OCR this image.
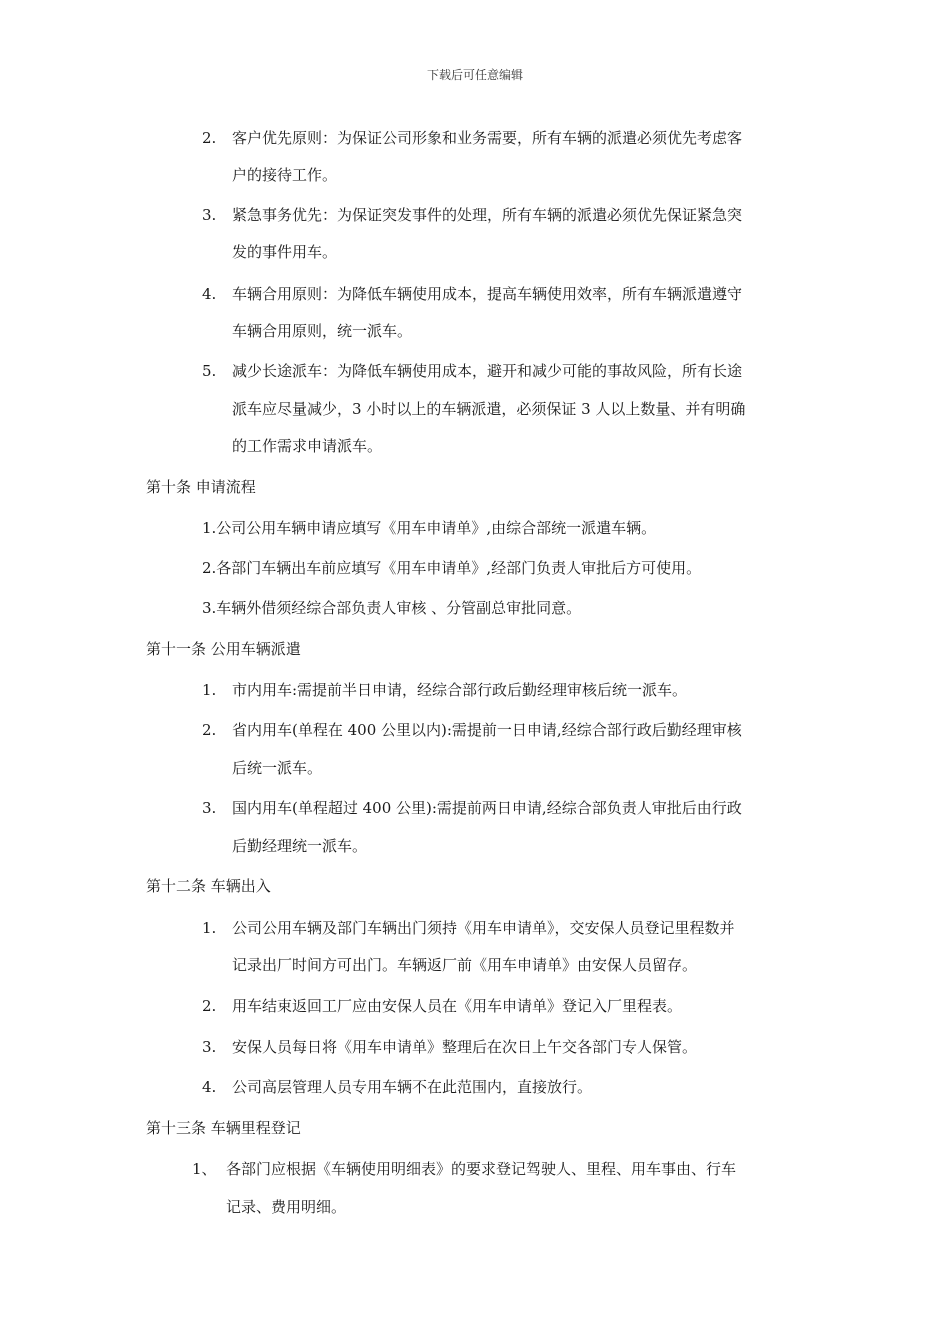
下载后可任意编辑
2. 客户优先原则：为保证公司形象和业务需要，所有车辆的派遣必须优先考虑客
户的接待工作。
3. 紧急事务优先：为保证突发事件的处理，所有车辆的派遣必须优先保证紧急突
发的事件用车。
4. 车辆合用原则：为降低车辆使用成本，提高车辆使用效率，所有车辆派遣遵守
车辆合用原则，统一派车。
5. 减少长途派车：为降低车辆使用成本，避开和减少可能的事故风险，所有长途
派车应尽量减少，3 小时以上的车辆派遣，必须保证 3 人以上数量、并有明确
的工作需求申请派车。
第十条 申请流程
1.公司公用车辆申请应填写《用车申请单》,由综合部统一派遣车辆。
2.各部门车辆出车前应填写《用车申请单》,经部门负责人审批后方可使用。
3.车辆外借须经综合部负责人审核 、分管副总审批同意。
第十一条 公用车辆派遣
1. 市内用车:需提前半日申请，经综合部行政后勤经理审核后统一派车。
2. 省内用车(单程在 400 公里以内):需提前一日申请,经综合部行政后勤经理审核
后统一派车。
3. 国内用车(单程超过 400 公里):需提前两日申请,经综合部负责人审批后由行政
后勤经理统一派车。
第十二条 车辆出入
1. 公司公用车辆及部门车辆出门须持《用车申请单》，交安保人员登记里程数并
记录出厂时间方可出门。车辆返厂前《用车申请单》由安保人员留存。
2. 用车结束返回工厂应由安保人员在《用车申请单》登记入厂里程表。
3. 安保人员每日将《用车申请单》整理后在次日上午交各部门专人保管。
4. 公司高层管理人员专用车辆不在此范围内，直接放行。
第十三条 车辆里程登记
1、 各部门应根据《车辆使用明细表》的要求登记驾驶人、里程、用车事由、行车
记录、费用明细。
